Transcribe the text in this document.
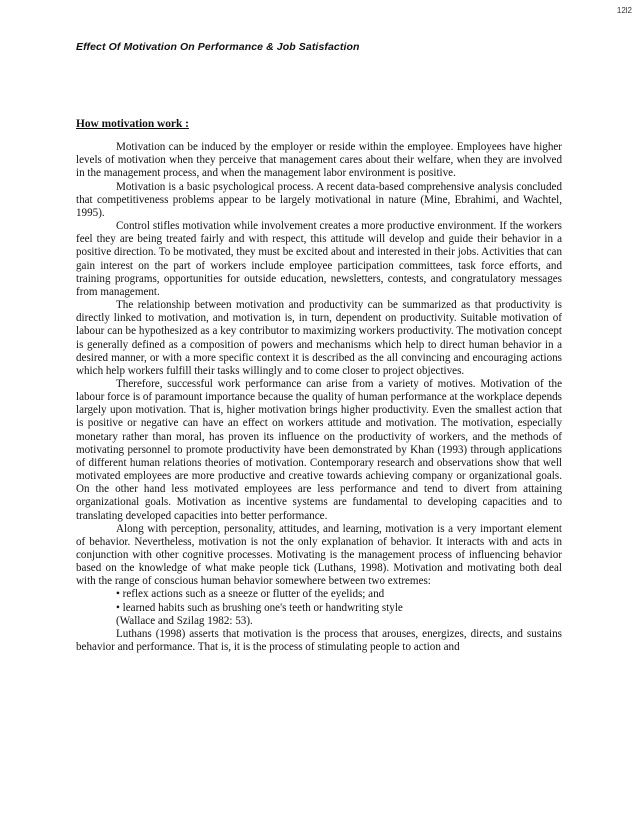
12l2
Effect Of Motivation On Performance & Job Satisfaction

How motivation work :

Motivation can be induced by the employer or reside within the employee. Employees have higher levels of motivation when they perceive that management cares about their welfare, when they are involved in the management process, and when the management labor environment is positive.

Motivation is a basic psychological process. A recent data-based comprehensive analysis concluded that competitiveness problems appear to be largely motivational in nature (Mine, Ebrahimi, and Wachtel, 1995).

Control stifles motivation while involvement creates a more productive environment. If the workers feel they are being treated fairly and with respect, this attitude will develop and guide their behavior in a positive direction. To be motivated, they must be excited about and interested in their jobs. Activities that can gain interest on the part of workers include employee participation committees, task force efforts, and training programs, opportunities for outside education, newsletters, contests, and congratulatory messages from management.

The relationship between motivation and productivity can be summarized as that productivity is directly linked to motivation, and motivation is, in turn, dependent on productivity. Suitable motivation of labour can be hypothesized as a key contributor to maximizing workers productivity. The motivation concept is generally defined as a composition of powers and mechanisms which help to direct human behavior in a desired manner, or with a more specific context it is described as the all convincing and encouraging actions which help workers fulfill their tasks willingly and to come closer to project objectives.

Therefore, successful work performance can arise from a variety of motives. Motivation of the labour force is of paramount importance because the quality of human performance at the workplace depends largely upon motivation. That is, higher motivation brings higher productivity. Even the smallest action that is positive or negative can have an effect on workers attitude and motivation. The motivation, especially monetary rather than moral, has proven its influence on the productivity of workers, and the methods of motivating personnel to promote productivity have been demonstrated by Khan (1993) through applications of different human relations theories of motivation. Contemporary research and observations show that well motivated employees are more productive and creative towards achieving company or organizational goals. On the other hand less motivated employees are less performance and tend to divert from attaining organizational goals. Motivation as incentive systems are fundamental to developing capacities and to translating developed capacities into better performance.

Along with perception, personality, attitudes, and learning, motivation is a very important element of behavior. Nevertheless, motivation is not the only explanation of behavior. It interacts with and acts in conjunction with other cognitive processes. Motivating is the management process of influencing behavior based on the knowledge of what make people tick (Luthans, 1998). Motivation and motivating both deal with the range of conscious human behavior somewhere between two extremes:

• reflex actions such as a sneeze or flutter of the eyelids; and

• learned habits such as brushing one's teeth or handwriting style

(Wallace and Szilag 1982: 53).

Luthans (1998) asserts that motivation is the process that arouses, energizes, directs, and sustains behavior and performance. That is, it is the process of stimulating people to action and
